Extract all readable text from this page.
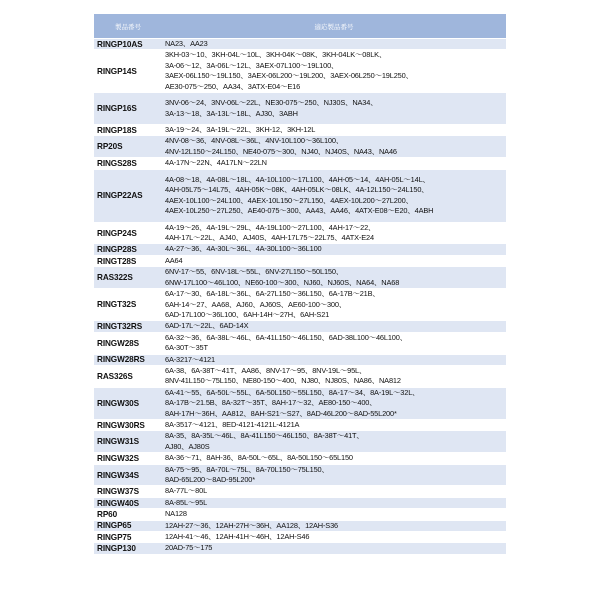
製品番号	適応製品番号
RINGP10AS	NA23、AA23

RINGP14S	3KH-03～10、3KH-04L～10L、3KH-04K～08K、3KH-04LK～08LK、
3A-06～12、3A-06L～12L、3AEX-07L100～19L100、
3AEX-06L150～19L150、3AEX-06L200～19L200、3AEX-06L250～19L250、
AE30-075～250、AA34、3ATX-E04～E16

RINGP16S	3NV-06～24、3NV-06L～22L、NE30-075～250、NJ30S、NA34、
3A-13～18、3A-13L～18L、AJ30、3ABH

RINGP18S	3A-19～24、3A-19L～22L、3KH-12、3KH-12L

RP20S	4NV-08～36、4NV-08L～36L、4NV-10L100～36L100、
4NV-12L150～24L150、NE40-075～300、NJ40、NJ40S、NA43、NA46

RINGS28S	4A-17N～22N、4A17LN～22LN

RINGP22AS	4A-08～18、4A-08L～18L、4A-10L100～17L100、4AH-05～14、4AH-05L～14L、
4AH-05L75～14L75、4AH-05K～08K、4AH-05LK～08LK、4A-12L150～24L150、
4AEX-10L100～24L100、4AEX-10L150～27L150、4AEX-10L200～27L200、
4AEX-10L250～27L250、AE40-075～300、AA43、AA46、4ATX-E08～E20、4ABH

RINGP24S	4A-19～26、4A-19L～29L、4A-19L100～27L100、4AH-17～22、
4AH-17L～22L、AJ40、AJ40S、4AH-17L75～22L75、4ATX-E24

RINGP28S	4A-27～36、4A-30L～36L、4A-30L100～36L100

RINGT28S	AA64

RAS322S	6NV-17～55、6NV-18L～55L、6NV-27L150～50L150、
6NW-17L100～46L100、NE60-100～300、NJ60、NJ60S、NA64、NA68

RINGT32S	6A-17～30、6A-18L～36L、6A-27L150～36L150、6A-17B～21B、
6AH-14～27、AA68、AJ60、AJ60S、AE60-100～300、
6AD-17L100～36L100、6AH-14H～27H、6AH-S21

RINGT32RS	6AD-17L～22L、6AD-14X

RINGW28S	6A-32～36、6A-38L～46L、6A-41L150～46L150、6AD-38L100～46L100、
6A-30T～35T

RINGW28RS	6A-3217～4121

RAS326S	6A-38、6A-38T～41T、AA86、8NV-17～95、8NV-19L～95L、
8NV-41L150～75L150、NE80-150～400、NJ80、NJ80S、NA86、NA812

RINGW30S	6A-41～55、6A-50L～55L、6A-50L150～55L150、8A-17～34、8A-19L～32L、
8A-17B～21.5B、8A-32T～35T、8AH-17～32、AE80-150～400、
8AH-17H～36H、AA812、8AH-S21～S27、8AD-46L200～8AD-55L200*

RINGW30RS	8A-3517～4121、8ED-4121-4121L-4121A

RINGW31S	8A-35、8A-35L～46L、8A-41L150～46L150、8A-38T～41T、
AJ80、AJ80S

RINGW32S	8A-36～71、8AH-36、8A-50L～65L、8A-50L150～65L150

RINGW34S	8A-75～95、8A-70L～75L、8A-70L150～75L150、
8AD-65L200～8AD-95L200*

RINGW37S	8A-77L～80L

RINGW40S	8A-85L～95L

RP60	NA128

RINGP65	12AH-27～36、12AH-27H～36H、AA128、12AH-S36

RINGP75	12AH-41～46、12AH-41H～46H、12AH-S46

RINGP130	20AD-75～175
